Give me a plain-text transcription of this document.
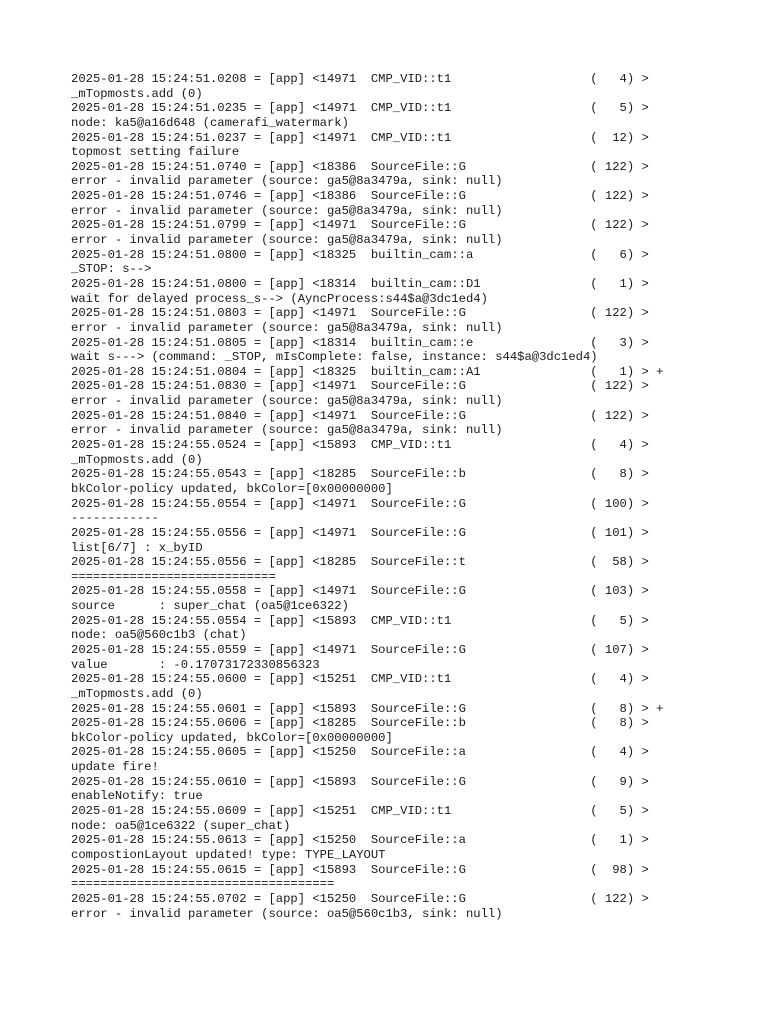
2025-01-28 15:24:51.0208 = [app] <14971  CMP_VID::t1                   (   4) >
_mTopmosts.add (0)
2025-01-28 15:24:51.0235 = [app] <14971  CMP_VID::t1                   (   5) >
node: ka5@a16d648 (camerafi_watermark)
2025-01-28 15:24:51.0237 = [app] <14971  CMP_VID::t1                   (  12) >
topmost setting failure
2025-01-28 15:24:51.0740 = [app] <18386  SourceFile::G                 ( 122) >
error - invalid parameter (source: ga5@8a3479a, sink: null)
2025-01-28 15:24:51.0746 = [app] <18386  SourceFile::G                 ( 122) >
error - invalid parameter (source: ga5@8a3479a, sink: null)
2025-01-28 15:24:51.0799 = [app] <14971  SourceFile::G                 ( 122) >
error - invalid parameter (source: ga5@8a3479a, sink: null)
2025-01-28 15:24:51.0800 = [app] <18325  builtin_cam::a                (   6) >
_STOP: s-->
2025-01-28 15:24:51.0800 = [app] <18314  builtin_cam::D1               (   1) >
wait for delayed process_s--> (AyncProcess:s44$a@3dc1ed4)
2025-01-28 15:24:51.0803 = [app] <14971  SourceFile::G                 ( 122) >
error - invalid parameter (source: ga5@8a3479a, sink: null)
2025-01-28 15:24:51.0805 = [app] <18314  builtin_cam::e                (   3) >
wait s---> (command: _STOP, mIsComplete: false, instance: s44$a@3dc1ed4)
2025-01-28 15:24:51.0804 = [app] <18325  builtin_cam::A1               (   1) > +
2025-01-28 15:24:51.0830 = [app] <14971  SourceFile::G                 ( 122) >
error - invalid parameter (source: ga5@8a3479a, sink: null)
2025-01-28 15:24:51.0840 = [app] <14971  SourceFile::G                 ( 122) >
error - invalid parameter (source: ga5@8a3479a, sink: null)
2025-01-28 15:24:55.0524 = [app] <15893  CMP_VID::t1                   (   4) >
_mTopmosts.add (0)
2025-01-28 15:24:55.0543 = [app] <18285  SourceFile::b                 (   8) >
bkColor-policy updated, bkColor=[0x00000000]
2025-01-28 15:24:55.0554 = [app] <14971  SourceFile::G                 ( 100) >
------------
2025-01-28 15:24:55.0556 = [app] <14971  SourceFile::G                 ( 101) >
list[6/7] : x_byID
2025-01-28 15:24:55.0556 = [app] <18285  SourceFile::t                 (  58) >
============================
2025-01-28 15:24:55.0558 = [app] <14971  SourceFile::G                 ( 103) >
source      : super_chat (oa5@1ce6322)
2025-01-28 15:24:55.0554 = [app] <15893  CMP_VID::t1                   (   5) >
node: oa5@560c1b3 (chat)
2025-01-28 15:24:55.0559 = [app] <14971  SourceFile::G                 ( 107) >
value       : -0.17073172330856323
2025-01-28 15:24:55.0600 = [app] <15251  CMP_VID::t1                   (   4) >
_mTopmosts.add (0)
2025-01-28 15:24:55.0601 = [app] <15893  SourceFile::G                 (   8) > +
2025-01-28 15:24:55.0606 = [app] <18285  SourceFile::b                 (   8) >
bkColor-policy updated, bkColor=[0x00000000]
2025-01-28 15:24:55.0605 = [app] <15250  SourceFile::a                 (   4) >
update fire!
2025-01-28 15:24:55.0610 = [app] <15893  SourceFile::G                 (   9) >
enableNotify: true
2025-01-28 15:24:55.0609 = [app] <15251  CMP_VID::t1                   (   5) >
node: oa5@1ce6322 (super_chat)
2025-01-28 15:24:55.0613 = [app] <15250  SourceFile::a                 (   1) >
compostionLayout updated! type: TYPE_LAYOUT
2025-01-28 15:24:55.0615 = [app] <15893  SourceFile::G                 (  98) >
====================================
2025-01-28 15:24:55.0702 = [app] <15250  SourceFile::G                 ( 122) >
error - invalid parameter (source: oa5@560c1b3, sink: null)
